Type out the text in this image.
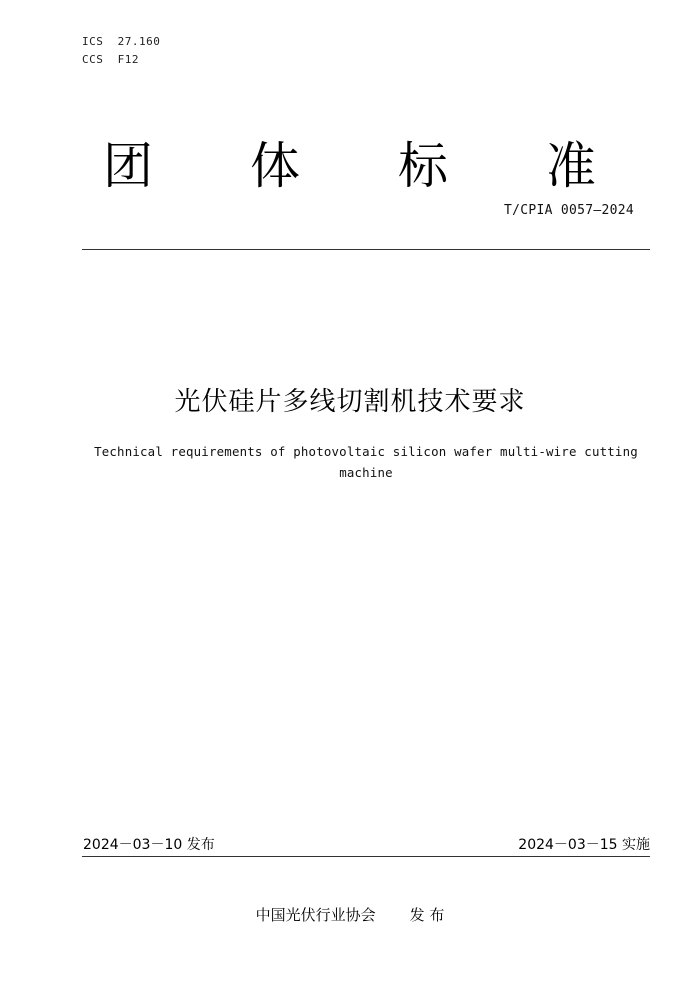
ICS  27.160
CCS  F12
团 体 标 准
T/CPIA 0057—2024
光伏硅片多线切割机技术要求
Technical requirements of photovoltaic silicon wafer multi-wire cutting machine
2024－03－10 发布	2024－03－15 实施
中国光伏行业协会 发 布
